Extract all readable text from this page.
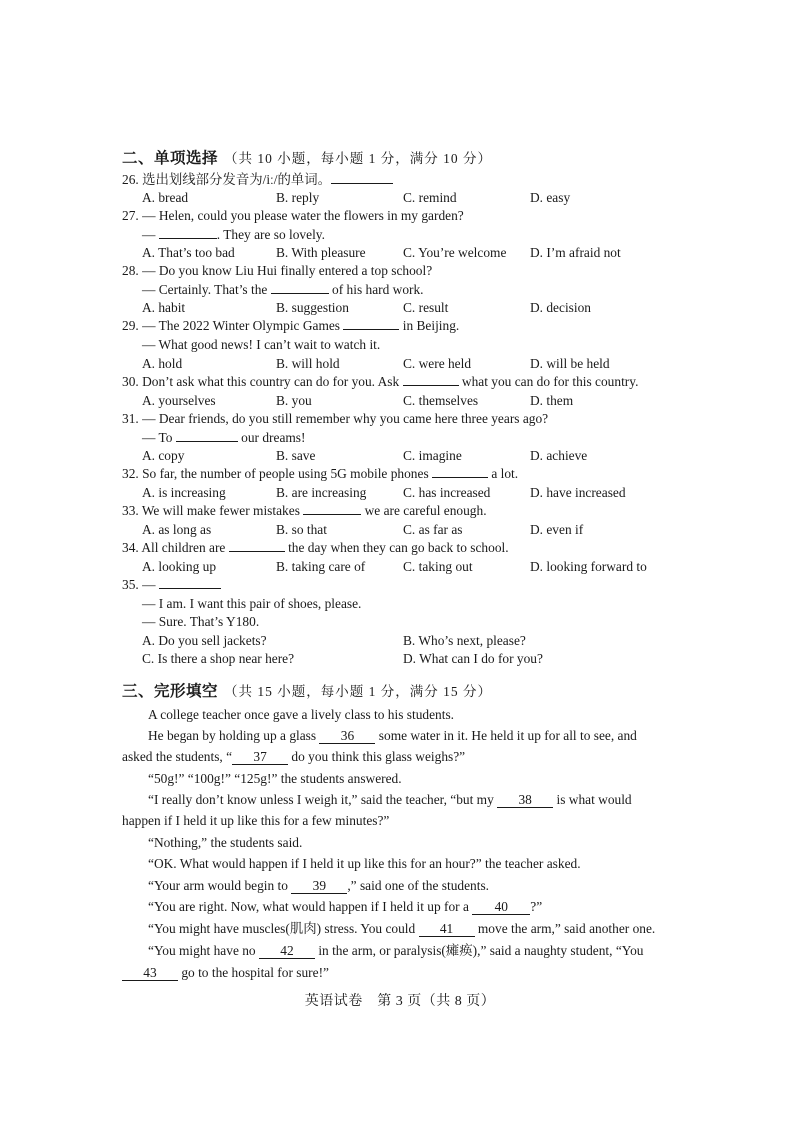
二、单项选择 （共 10 小题，每小题 1 分，满分 10 分）
26. 选出划线部分发音为/iː/的单词。
A. bread	B. reply	C. remind	D. easy
27. — Helen, could you please water the flowers in my garden?
—	. They are so lovely.
A. That’s too bad	B. With pleasure	C. You’re welcome D. I’m afraid not
28. — Do you know Liu Hui finally entered a top school?
— Certainly. That’s the	of his hard work.
A. habit	B. suggestion	C. result	D. decision
29. — The 2022 Winter Olympic Games	in Beijing.
— What good news! I can’t wait to watch it.
A. hold	B. will hold	C. were held	D. will be held
30. Don’t ask what this country can do for you. Ask	what you can do for this country.
A. yourselves	B. you	C. themselves	D. them
31. — Dear friends, do you still remember why you came here three years ago?
— To	our dreams!
A. copy	B. save	C. imagine	D. achieve
32. So far, the number of people using 5G mobile phones	a lot.
A. is increasing	B. are increasing	C. has increased	D. have increased
33. We will make fewer mistakes	we are careful enough.
A. as long as	B. so that	C. as far as	D. even if
34. All children are	the day when they can go back to school.
A. looking up	B. taking care of	C. taking out	D. looking forward to
35. —
— I am. I want this pair of shoes, please.
— Sure. That’s Y180.
A. Do you sell jackets?	B. Who’s next, please?
C. Is there a shop near here?	D. What can I do for you?
三、完形填空 （共 15 小题，每小题 1 分，满分 15 分）
A college teacher once gave a lively class to his students.
He began by holding up a glass 36 some water in it. He held it up for all to see, and
asked the students, “ 37 do you think this glass weighs?”
“50g!” “100g!” “125g!” the students answered.
“I really don’t know unless I weigh it,” said the teacher, “but my 38 is what would
happen if I held it up like this for a few minutes?”
“Nothing,” the students said.
“OK. What would happen if I held it up like this for an hour?” the teacher asked.
“Your arm would begin to 39 ,” said one of the students.
“You are right. Now, what would happen if I held it up for a 40 ?”
“You might have muscles(肌肉) stress. You could 41 move the arm,” said another one.
“You might have no 42 in the arm, or paralysis(瘫痪),” said a naughty student, “You
43 go to the hospital for sure!”
英语试卷　第 3 页（共 8 页）
